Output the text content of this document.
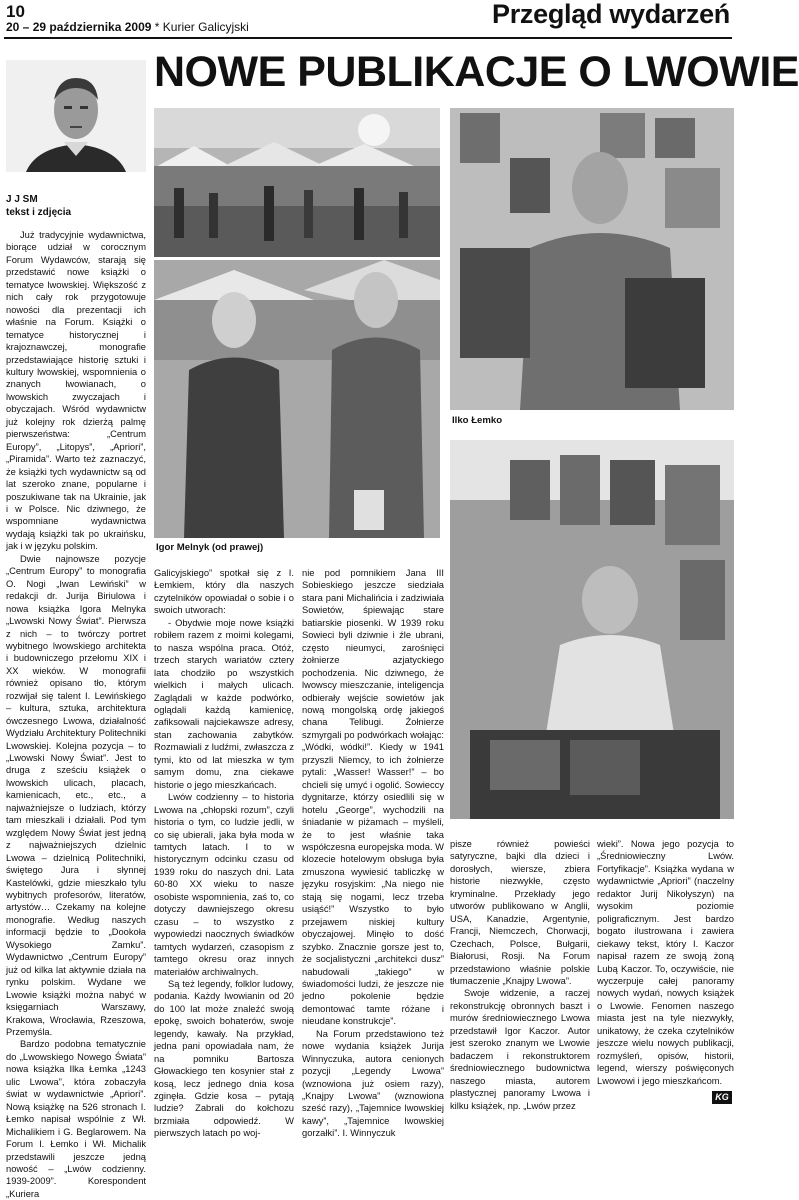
10
20 – 29 października 2009 * Kurier Galicyjski	Przegląd wydarzeń
NOWE PUBLIKACJE O LWOWIE
J J SM
tekst i zdjęcia
Igor Melnyk (od prawej)
Ilko Łemko

Już tradycyjnie wydawnictwa, biorące udział w corocznym Forum Wydawców, starają się przedstawić nowe książki o tematyce lwowskiej. Większość z nich cały rok przygotowuje nowości dla prezentacji ich właśnie na Forum. Książki o tematyce historycznej i krajoznawczej, monografie przedstawiające historię sztuki i kultury lwowskiej, wspomnienia o znanych lwowianach, o lwowskich zwyczajach i obyczajach. Wśród wydawnictw już kolejny rok dzierżą palmę pierwszeństwa: „Centrum Europy”, „Litopys”, „Apriori”, „Piramida”. Warto też zaznaczyć, że książki tych wydawnictw są od lat szeroko znane, popularne i poszukiwane tak na Ukrainie, jak i w Polsce. Nic dziwnego, że wspomniane wydawnictwa wydają książki tak po ukraińsku, jak i w języku polskim.

Dwie najnowsze pozycje „Centrum Europy” to monografia O. Nogi „Iwan Lewiński” w redakcji dr. Jurija Biriulowa i nowa książka Igora Melnyka „Lwowski Nowy Świat”. Pierwsza z nich – to twórczy portret wybitnego lwowskiego architekta i budowniczego przełomu XIX i XX wieków. W monografii również opisano tło, którym rozwijał się talent I. Lewińskiego – kultura, sztuka, architektura ówczesnego Lwowa, działalność Wydziału Architektury Politechniki Lwowskiej. Kolejna pozycja – to „Lwowski Nowy Świat”. Jest to druga z sześciu książek o lwowskich ulicach, placach, kamienicach, etc., etc., a najważniejsze o ludziach, którzy tam mieszkali i działali. Pod tym względem Nowy Świat jest jedną z najważniejszych dzielnic Lwowa – dzielnicą Politechniki, świętego Jura i słynnej Kastelówki, gdzie mieszkało tylu wybitnych profesorów, literatów, artystów… Czekamy na kolejne monografie. Według naszych informacji będzie to „Dookoła Wysokiego Zamku”. Wydawnictwo „Centrum Europy” już od kilka lat aktywnie działa na rynku polskim. Wydane we Lwowie książki można nabyć w księgarniach Warszawy, Krakowa, Wrocławia, Rzeszowa, Przemyśla.

Bardzo podobna tematycznie do „Lwowskiego Nowego Świata” nowa książka Ilka Łemka „1243 ulic Lwowa”, która zobaczyła świat w wydawnictwie „Apriori”. Nową książkę na 526 stronach I. Łemko napisał wspólnie z Wł. Michalikiem i G. Beglarowem. Na Forum I. Łemko i Wł. Michalik przedstawili jeszcze jedną nowość – „Lwów codzienny. 1939-2009”. Korespondent „Kuriera

Galicyjskiego” spotkał się z I. Łemkiem, który dla naszych czytelników opowiadał o sobie i o swoich utworach:

- Obydwie moje nowe książki robiłem razem z moimi kolegami, to nasza wspólna praca. Otóż, trzech starych wariatów cztery lata chodziło po wszystkich wielkich i małych ulicach. Zaglądali w każde podwórko, oglądali każdą kamienicę, zafiksowali najciekawsze adresy, stan zachowania zabytków. Rozmawiali z ludźmi, zwłaszcza z tymi, kto od lat mieszka w tym samym domu, zna ciekawe historie o jego mieszkańcach.

Lwów codzienny – to historia Lwowa na „chłopski rozum”, czyli historia o tym, co ludzie jedli, w co się ubierali, jaka była moda w tamtych latach. I to w historycznym odcinku czasu od 1939 roku do naszych dni. Lata 60-80 XX wieku to nasze osobiste wspomnienia, zaś to, co dotyczy dawniejszego okresu czasu – to wszystko z wypowiedzi naocznych świadków tamtych wydarzeń, czasopism z tamtego okresu oraz innych materiałów archiwalnych.

Są też legendy, folklor ludowy, podania. Każdy lwowianin od 20 do 100 lat może znaleźć swoją epokę, swoich bohaterów, swoje legendy, kawały. Na przykład, jedna pani opowiadała nam, że na pomniku Bartosza Głowackiego ten kosynier stał z kosą, lecz jednego dnia kosa zginęła. Gdzie kosa – pytają ludzie? Zabrali do kołchozu brzmiała odpowiedź. W pierwszych latach po woj-

nie pod pomnikiem Jana III Sobieskiego jeszcze siedziała stara pani Michalińcia i zadziwiała Sowietów, śpiewając stare batiarskie piosenki. W 1939 roku Sowieci byli dziwnie i źle ubrani, często nieumyci, zarośnięci żołnierze azjatyckiego pochodzenia. Nic dziwnego, że lwowscy mieszczanie, inteligencja odbierały wejście sowietów jak nową mongolską ordę jakiegoś chana Telibugi. Żołnierze szmyrgali po podwórkach wołając: „Wódki, wódki!”. Kiedy w 1941 przyszli Niemcy, to ich żołnierze pytali: „Wasser! Wasser!” – bo chcieli się umyć i ogolić. Sowieccy dygnitarze, którzy osiedlili się w hotelu „George”, wychodzili na śniadanie w piżamach – myśleli, że to jest właśnie taka współczesna europejska moda. W klozecie hotelowym obsługa była zmuszona wywiesić tabliczkę w języku rosyjskim: „Na niego nie stają się nogami, lecz trzeba usiąść!” Wszystko to było przejawem niskiej kultury obyczajowej. Minęło to dość szybko. Znacznie gorsze jest to, że socjalistyczni „architekci dusz” nabudowali „takiego” w świadomości ludzi, że jeszcze nie jedno pokolenie będzie demontować tamte różane i nieudane konstrukcje”.

Na Forum przedstawiono też nowe wydania książek Jurija Winnyczuka, autora cenionych pozycji „Legendy Lwowa” (wznowiona już osiem razy), „Knajpy Lwowa” (wznowiona sześć razy), „Tajemnice lwowskiej kawy”, „Tajemnice lwowskiej gorzałki”. I. Winnyczuk

pisze również powieści satyryczne, bajki dla dzieci i dorosłych, wiersze, zbiera historie niezwykłe, często kryminalne. Przekłady jego utworów publikowano w Anglii, USA, Kanadzie, Argentynie, Francji, Niemczech, Chorwacji, Czechach, Polsce, Bułgarii, Białorusi, Rosji. Na Forum przedstawiono właśnie polskie tłumaczenie „Knajpy Lwowa”.

Swoje widzenie, a raczej rekonstrukcję obronnych baszt i murów średniowiecznego Lwowa przedstawił Igor Kaczor. Autor jest szeroko znanym we Lwowie badaczem i rekonstruktorem średniowiecznego budownictwa naszego miasta, autorem plastycznej panoramy Lwowa i kilku książek, np. „Lwów przez

wieki”. Nowa jego pozycja to „Średniowieczny Lwów. Fortyfikacje”. Książka wydana w wydawnictwie „Apriori” (naczelny redaktor Jurij Nikołyszyn) na wysokim poziomie poligraficznym. Jest bardzo bogato ilustrowana i zawiera ciekawy tekst, który I. Kaczor napisał razem ze swoją żoną Lubą Kaczor. To, oczywiście, nie wyczerpuje całej panoramy nowych wydań, nowych książek o Lwowie. Fenomen naszego miasta jest na tyle niezwykły, unikatowy, że czeka czytelników jeszcze wielu nowych publikacji, rozmyśleń, opisów, historii, legend, wierszy poświęconych Lwowowi i jego mieszkańcom.

KG
